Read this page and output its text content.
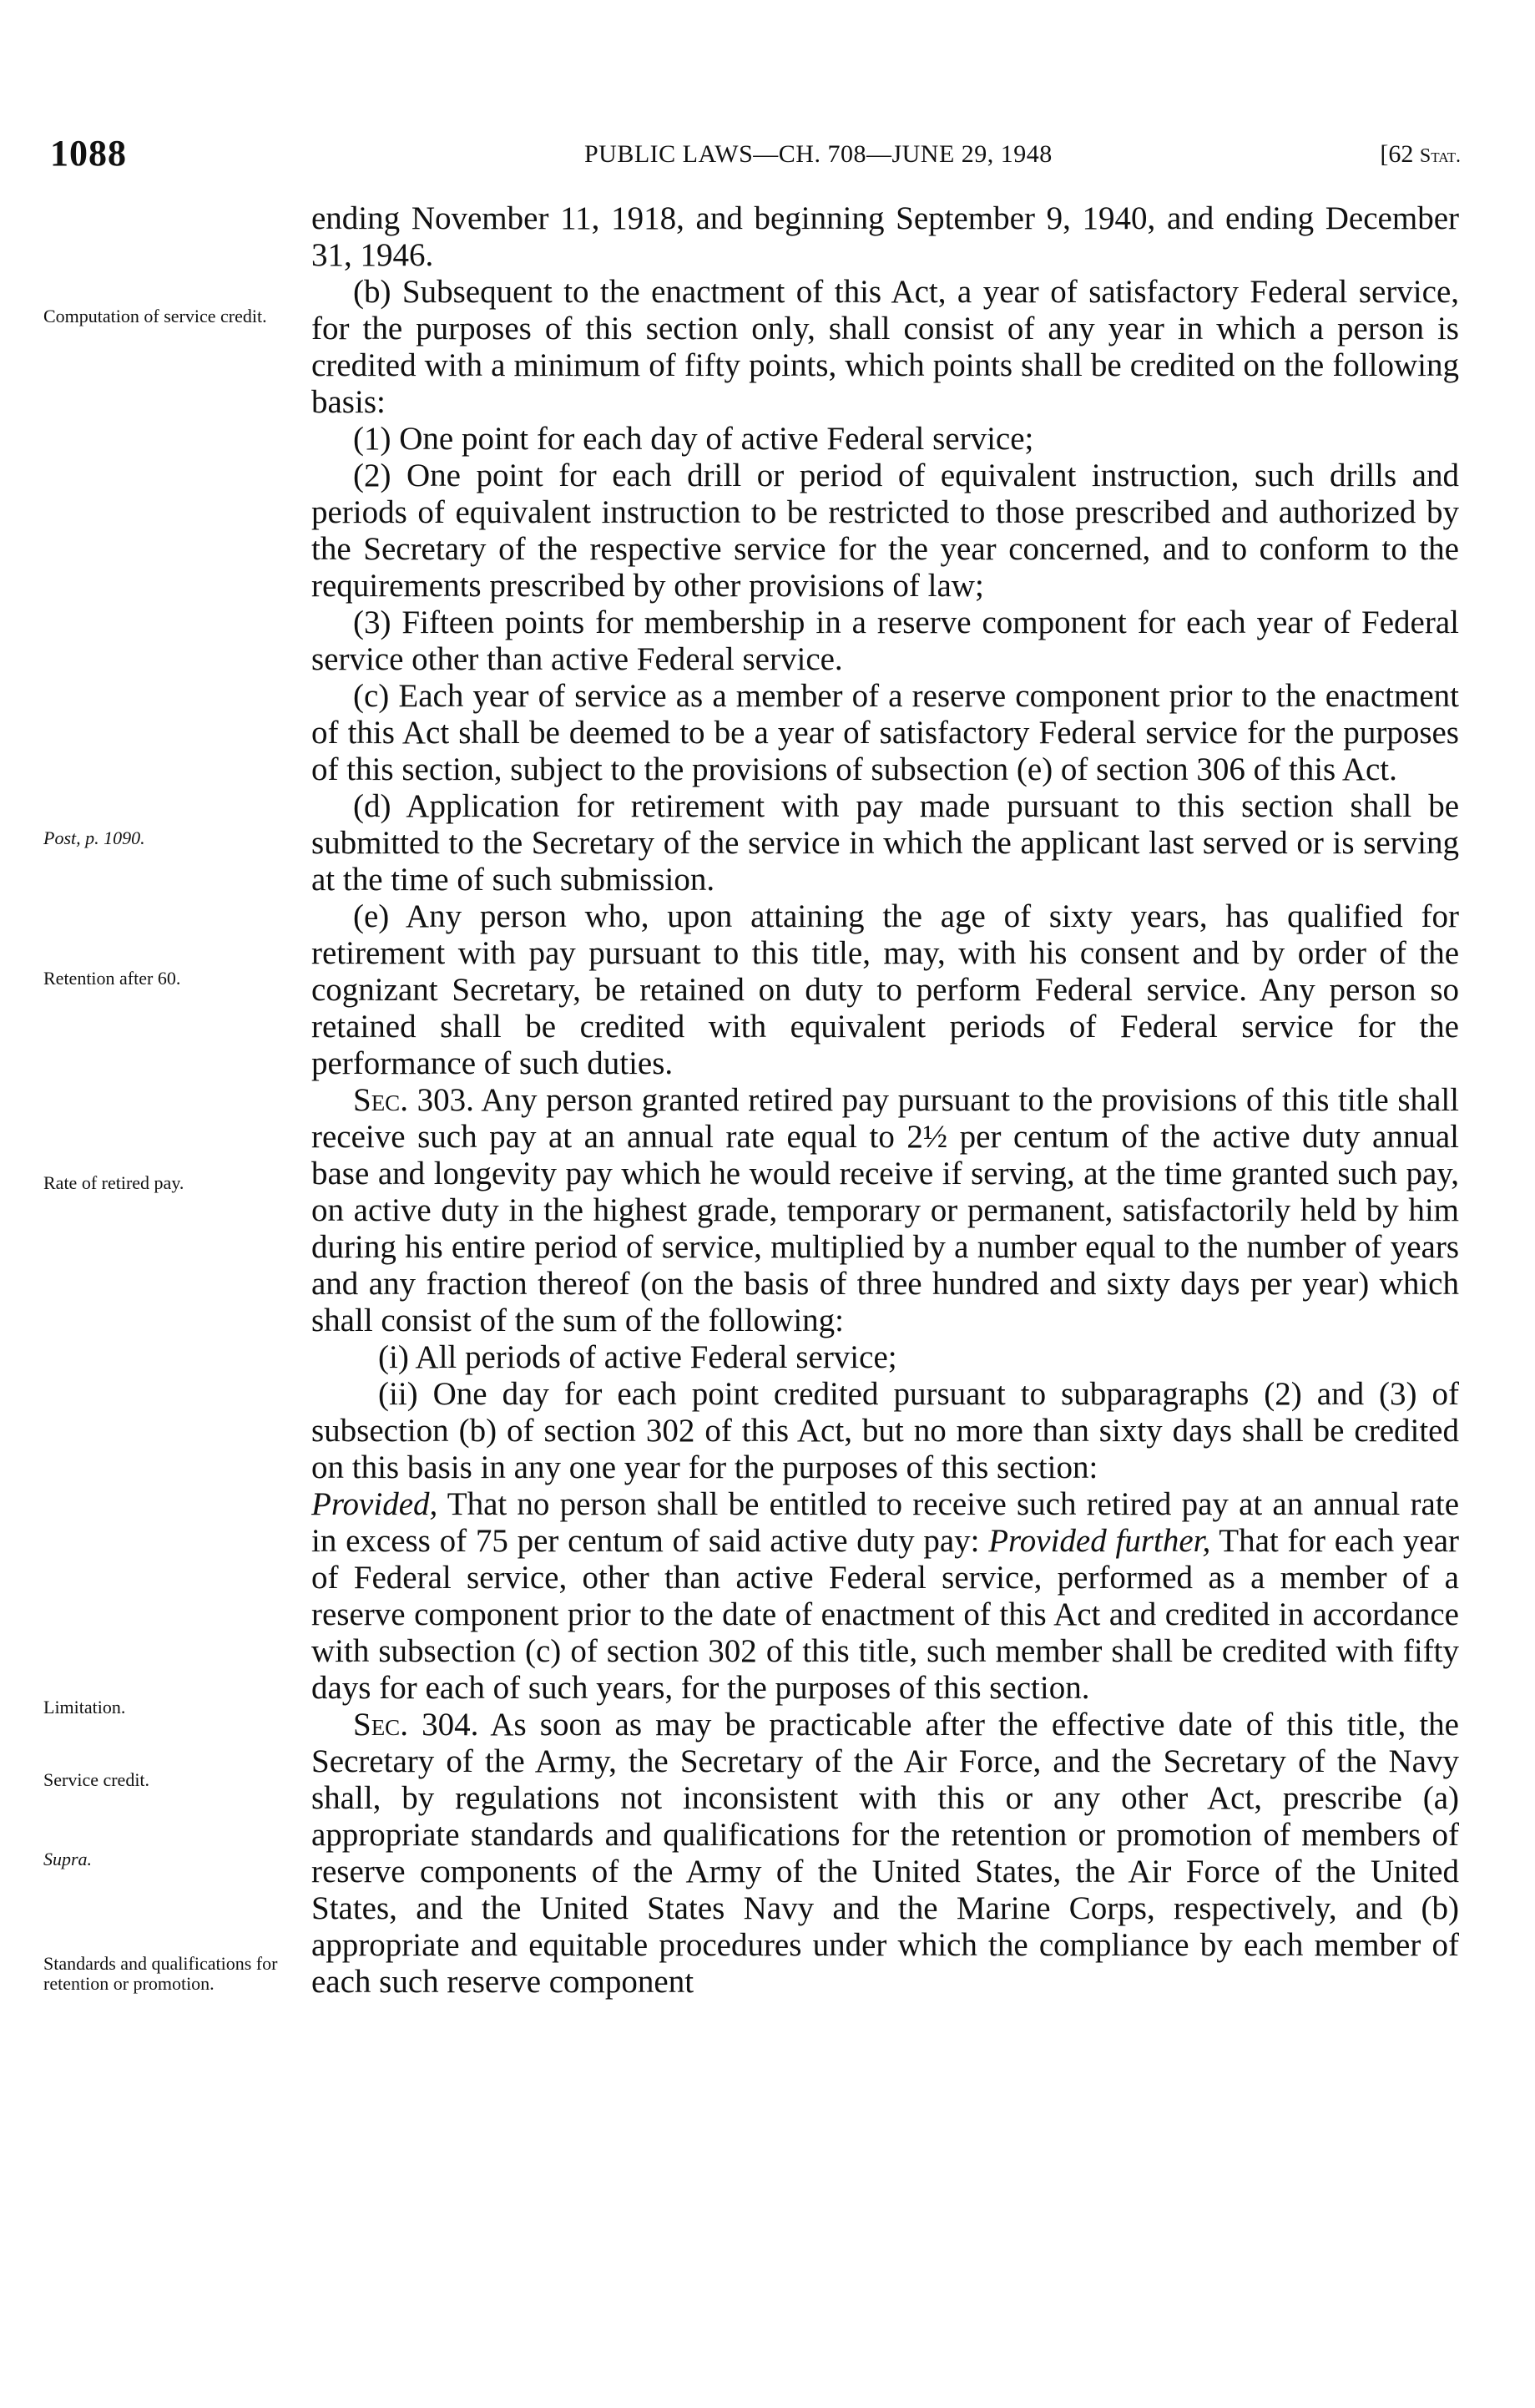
1088	PUBLIC LAWS—CH. 708—JUNE 29, 1948	[62 Stat.
Computation of service credit.
Post, p. 1090.
Retention after 60.
Rate of retired pay.
Limitation.
Service credit.
Supra.
Standards and qualifications for retention or promotion.

ending November 11, 1918, and beginning September 9, 1940, and ending December 31, 1946.

(b) Subsequent to the enactment of this Act, a year of satisfactory Federal service, for the purposes of this section only, shall consist of any year in which a person is credited with a minimum of fifty points, which points shall be credited on the following basis:

(1) One point for each day of active Federal service;

(2) One point for each drill or period of equivalent instruction, such drills and periods of equivalent instruction to be restricted to those prescribed and authorized by the Secretary of the respective service for the year concerned, and to conform to the requirements prescribed by other provisions of law;

(3) Fifteen points for membership in a reserve component for each year of Federal service other than active Federal service.

(c) Each year of service as a member of a reserve component prior to the enactment of this Act shall be deemed to be a year of satisfactory Federal service for the purposes of this section, subject to the provisions of subsection (e) of section 306 of this Act.

(d) Application for retirement with pay made pursuant to this section shall be submitted to the Secretary of the service in which the applicant last served or is serving at the time of such submission.

(e) Any person who, upon attaining the age of sixty years, has qualified for retirement with pay pursuant to this title, may, with his consent and by order of the cognizant Secretary, be retained on duty to perform Federal service. Any person so retained shall be credited with equivalent periods of Federal service for the performance of such duties.

Sec. 303. Any person granted retired pay pursuant to the provisions of this title shall receive such pay at an annual rate equal to 2½ per centum of the active duty annual base and longevity pay which he would receive if serving, at the time granted such pay, on active duty in the highest grade, temporary or permanent, satisfactorily held by him during his entire period of service, multiplied by a number equal to the number of years and any fraction thereof (on the basis of three hundred and sixty days per year) which shall consist of the sum of the following:

(i) All periods of active Federal service;

(ii) One day for each point credited pursuant to subparagraphs (2) and (3) of subsection (b) of section 302 of this Act, but no more than sixty days shall be credited on this basis in any one year for the purposes of this section:

Provided, That no person shall be entitled to receive such retired pay at an annual rate in excess of 75 per centum of said active duty pay: Provided further, That for each year of Federal service, other than active Federal service, performed as a member of a reserve component prior to the date of enactment of this Act and credited in accordance with subsection (c) of section 302 of this title, such member shall be credited with fifty days for each of such years, for the purposes of this section.

Sec. 304. As soon as may be practicable after the effective date of this title, the Secretary of the Army, the Secretary of the Air Force, and the Secretary of the Navy shall, by regulations not inconsistent with this or any other Act, prescribe (a) appropriate standards and qualifications for the retention or promotion of members of reserve components of the Army of the United States, the Air Force of the United States, and the United States Navy and the Marine Corps, respectively, and (b) appropriate and equitable procedures under which the compliance by each member of each such reserve component
